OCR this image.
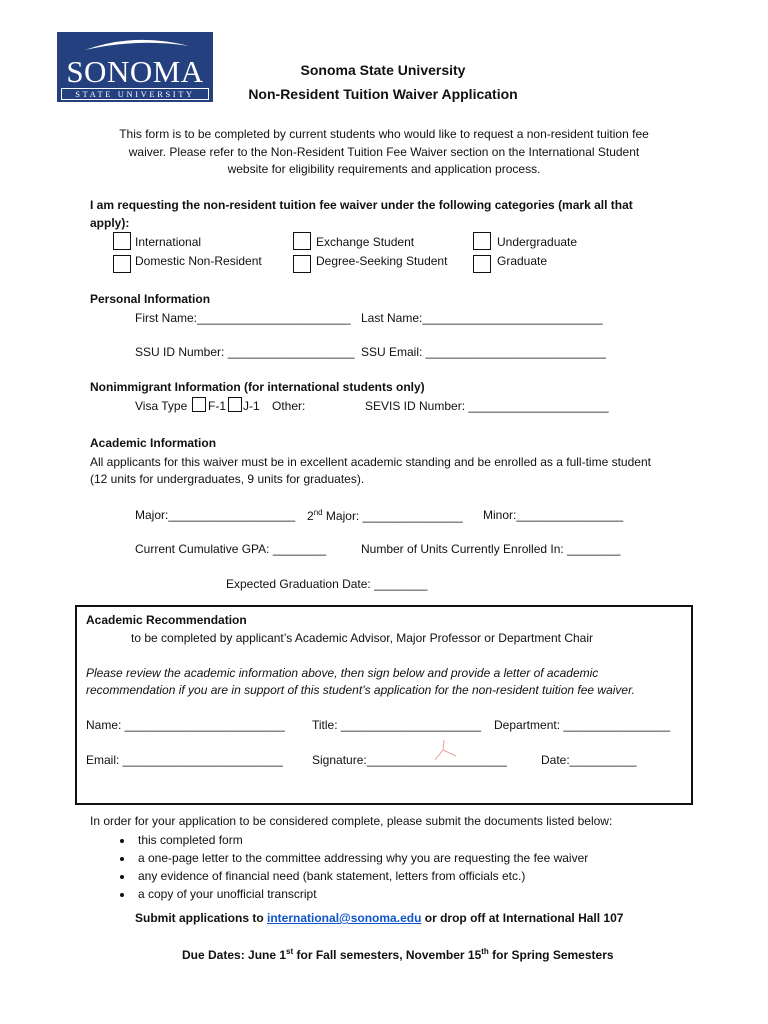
SONOMA
STATE UNIVERSITY
Sonoma State University
Non-Resident Tuition Waiver Application
This form is to be completed by current students who would like to request a non-resident tuition fee
waiver. Please refer to the Non-Resident Tuition Fee Waiver section on the International Student
website for eligibility requirements and application process.
I am requesting the non-resident tuition fee waiver under the following categories (mark all that
apply):
International	Exchange Student	Undergraduate
Domestic Non-Resident	Degree-Seeking Student	Graduate
Personal Information
First Name:_______________________ Last Name:___________________________
SSU ID Number: ___________________ SSU Email: ___________________________
Nonimmigrant Information (for international students only)
Visa Type F-1 J-1 Other:	SEVIS ID Number: _____________________
Academic Information
All applicants for this waiver must be in excellent academic standing and be enrolled as a full-time student
(12 units for undergraduates, 9 units for graduates).
Major:___________________ 2nd Major: _______________ Minor:________________
Current Cumulative GPA: ________	Number of Units Currently Enrolled In: ________
Expected Graduation Date: ________
Academic Recommendation
to be completed by applicant’s Academic Advisor, Major Professor or Department Chair
Please review the academic information above, then sign below and provide a letter of academic
recommendation if you are in support of this student’s application for the non-resident tuition fee waiver.
Name: ________________________ Title: _____________________ Department: ________________
Email: ________________________ Signature:_____________________	Date:__________
In order for your application to be considered complete, please submit the documents listed below:
• this completed form
• a one-page letter to the committee addressing why you are requesting the fee waiver
• any evidence of financial need (bank statement, letters from officials etc.)
• a copy of your unofficial transcript
Submit applications to international@sonoma.edu or drop off at International Hall 107
Due Dates: June 1st for Fall semesters, November 15th for Spring Semesters
